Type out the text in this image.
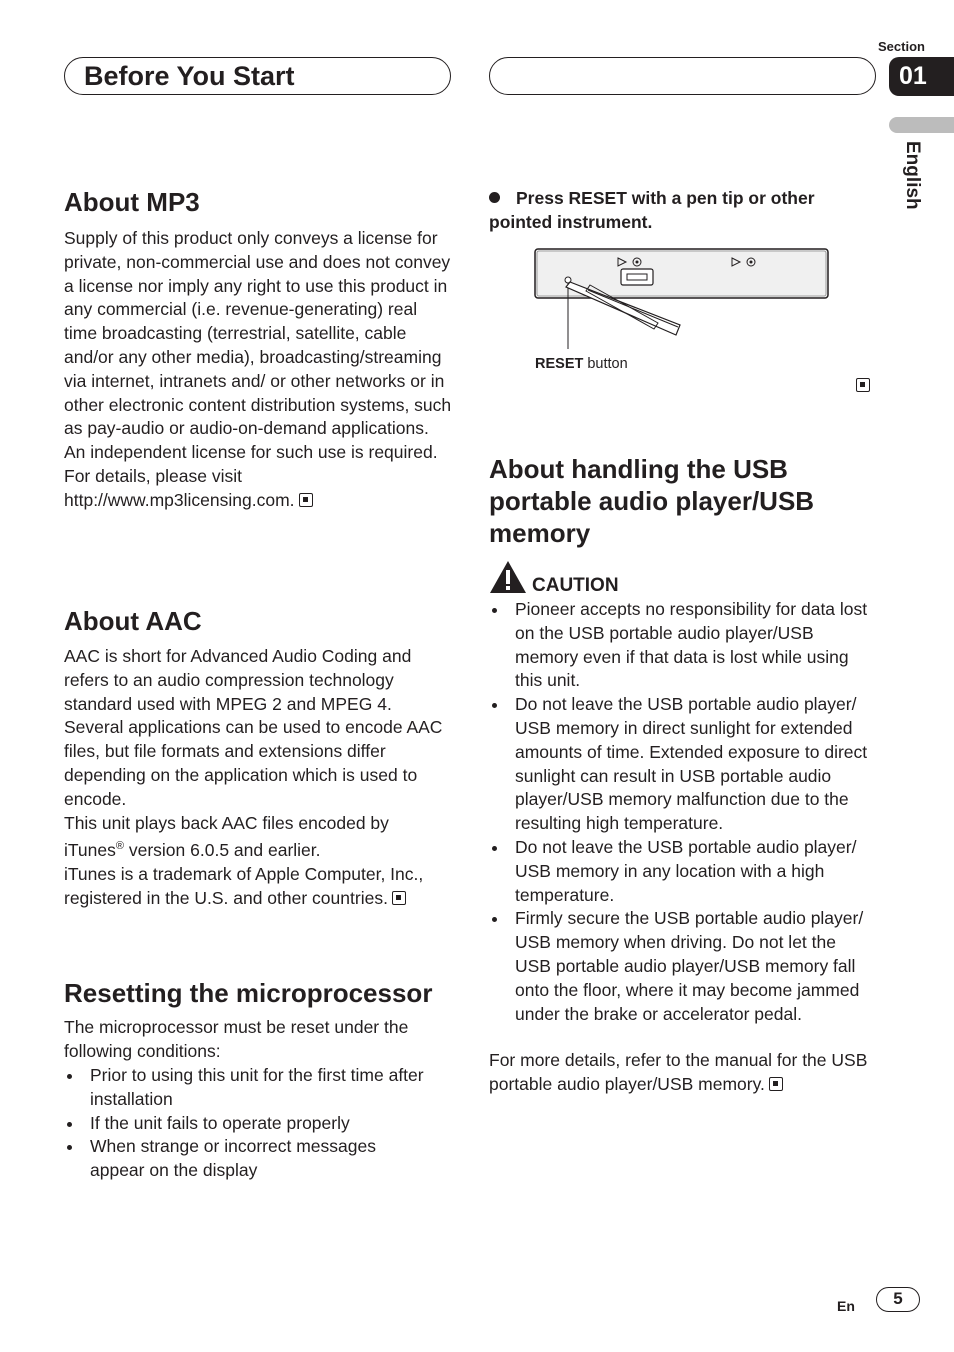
Before You Start
Section
01
English
About MP3

Supply of this product only conveys a license for private, non-commercial use and does not convey a license nor imply any right to use this product in any commercial (i.e. revenue-generating) real time broadcasting (terrestrial, satellite, cable and/or any other media), broadcasting/streaming via internet, intranets and/ or other networks or in other electronic content distribution systems, such as pay-audio or audio-on-demand applications. An independent license for such use is required. For details, please visit http://www.mp3licensing.com.

About AAC
AAC is short for Advanced Audio Coding and refers to an audio compression technology standard used with MPEG 2 and MPEG 4. Several applications can be used to encode AAC files, but file formats and extensions differ depending on the application which is used to encode.
This unit plays back AAC files encoded by iTunes® version 6.0.5 and earlier.
iTunes is a trademark of Apple Computer, Inc., registered in the U.S. and other countries.
Resetting the microprocessor

The microprocessor must be reset under the following conditions:

Prior to using this unit for the first time after installation
If the unit fails to operate properly
When strange or incorrect messages appear on the display
Press RESET with a pen tip or other pointed instrument.
RESET button
About handling the USB portable audio player/USB memory
CAUTION
Pioneer accepts no responsibility for data lost on the USB portable audio player/USB memory even if that data is lost while using this unit.
Do not leave the USB portable audio player/ USB memory in direct sunlight for extended amounts of time. Extended exposure to direct sunlight can result in USB portable audio player/USB memory malfunction due to the resulting high temperature.
Do not leave the USB portable audio player/ USB memory in any location with a high temperature.
Firmly secure the USB portable audio player/ USB memory when driving. Do not let the USB portable audio player/USB memory fall onto the floor, where it may become jammed under the brake or accelerator pedal.

For more details, refer to the manual for the USB portable audio player/USB memory.

En	5
